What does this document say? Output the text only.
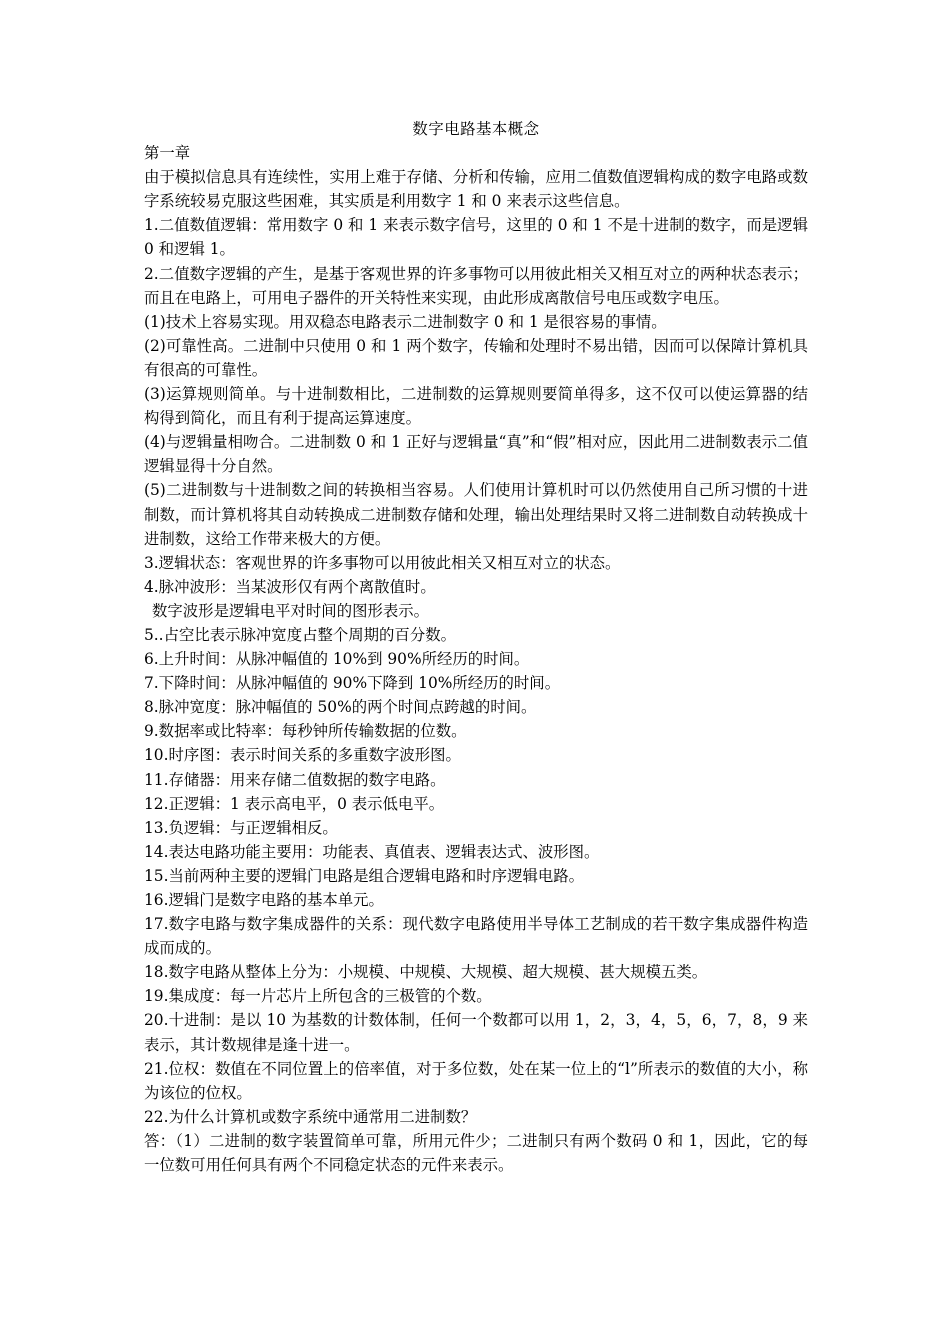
数字电路基本概念

第一章

由于模拟信息具有连续性，实用上难于存储、分析和传输，应用二值数值逻辑构成的数字电路或数字系统较易克服这些困难，其实质是利用数字 1 和 0 来表示这些信息。

1.二值数值逻辑：常用数字 0 和 1 来表示数字信号，这里的 0 和 1 不是十进制的数字，而是逻辑 0 和逻辑 1。

2.二值数字逻辑的产生，是基于客观世界的许多事物可以用彼此相关又相互对立的两种状态表示；而且在电路上，可用电子器件的开关特性来实现，由此形成离散信号电压或数字电压。

(1)技术上容易实现。用双稳态电路表示二进制数字 0 和 1 是很容易的事情。

(2)可靠性高。二进制中只使用 0 和 1 两个数字，传输和处理时不易出错，因而可以保障计算机具有很高的可靠性。

(3)运算规则简单。与十进制数相比，二进制数的运算规则要简单得多，这不仅可以使运算器的结构得到简化，而且有利于提高运算速度。

(4)与逻辑量相吻合。二进制数 0 和 1 正好与逻辑量“真”和“假”相对应，因此用二进制数表示二值逻辑显得十分自然。

(5)二进制数与十进制数之间的转换相当容易。人们使用计算机时可以仍然使用自己所习惯的十进制数，而计算机将其自动转换成二进制数存储和处理，输出处理结果时又将二进制数自动转换成十进制数，这给工作带来极大的方便。

3.逻辑状态：客观世界的许多事物可以用彼此相关又相互对立的状态。

4.脉冲波形：当某波形仅有两个离散值时。

数字波形是逻辑电平对时间的图形表示。

5..占空比表示脉冲宽度占整个周期的百分数。

6.上升时间：从脉冲幅值的 10%到 90%所经历的时间。

7.下降时间：从脉冲幅值的 90%下降到 10%所经历的时间。

8.脉冲宽度：脉冲幅值的 50%的两个时间点跨越的时间。

9.数据率或比特率：每秒钟所传输数据的位数。

10.时序图：表示时间关系的多重数字波形图。

11.存储器：用来存储二值数据的数字电路。

12.正逻辑：1 表示高电平，0 表示低电平。

13.负逻辑：与正逻辑相反。

14.表达电路功能主要用：功能表、真值表、逻辑表达式、波形图。

15.当前两种主要的逻辑门电路是组合逻辑电路和时序逻辑电路。

16.逻辑门是数字电路的基本单元。

17.数字电路与数字集成器件的关系：现代数字电路使用半导体工艺制成的若干数字集成器件构造成而成的。

18.数字电路从整体上分为：小规模、中规模、大规模、超大规模、甚大规模五类。

19.集成度：每一片芯片上所包含的三极管的个数。

20.十进制：是以 10 为基数的计数体制，任何一个数都可以用 1，2，3，4，5，6，7，8，9 来表示，其计数规律是逢十进一。

21.位权：数值在不同位置上的倍率值，对于多位数，处在某一位上的“l”所表示的数值的大小，称为该位的位权。

22.为什么计算机或数字系统中通常用二进制数？

答：（1）二进制的数字装置简单可靠，所用元件少；二进制只有两个数码 0 和 1，因此，它的每一位数可用任何具有两个不同稳定状态的元件来表示。
